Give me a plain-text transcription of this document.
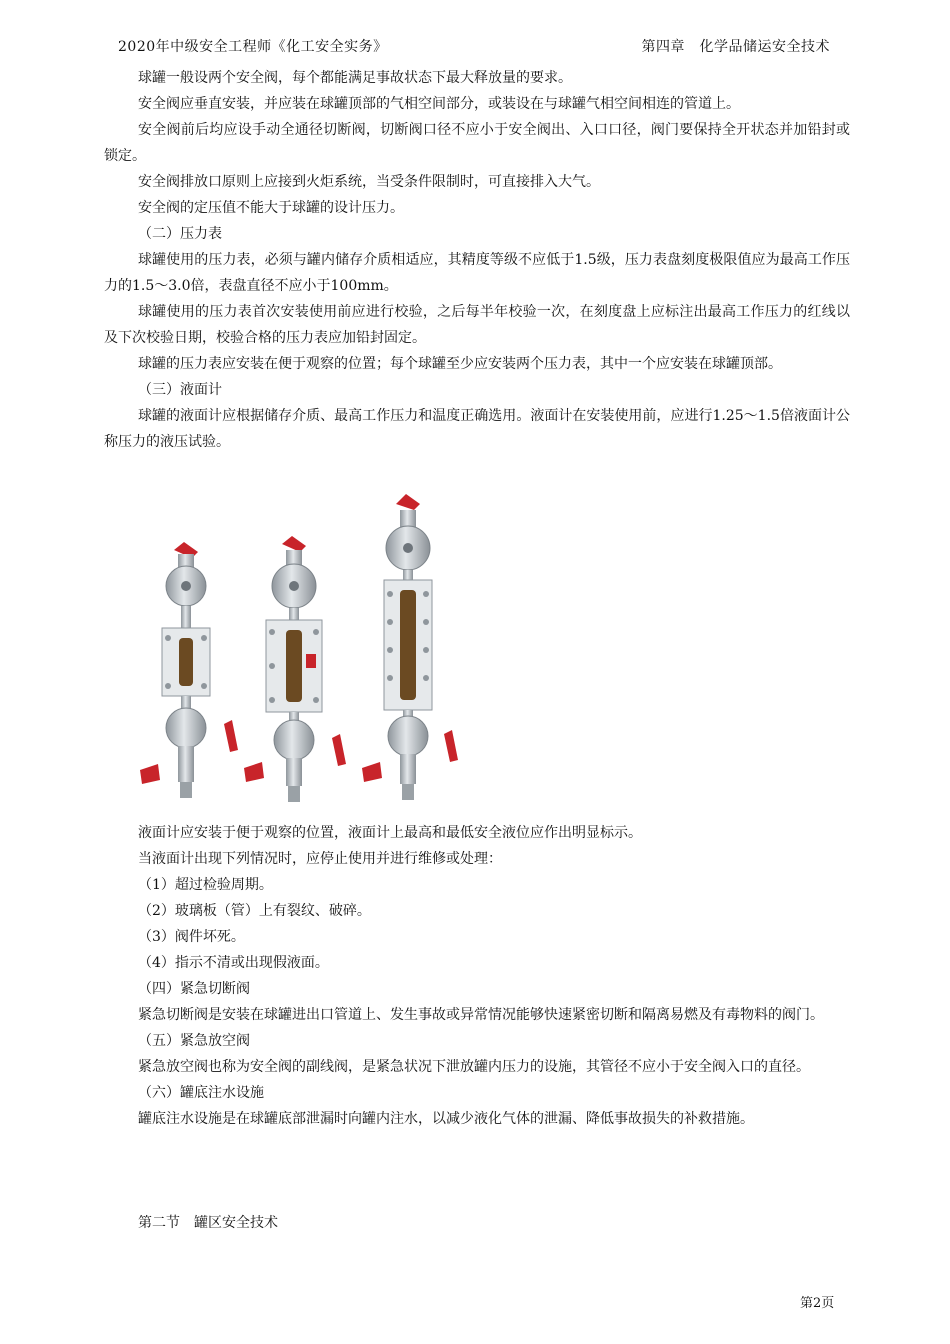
2020年中级安全工程师《化工安全实务》	第四章　化学品储运安全技术

球罐一般设两个安全阀，每个都能满足事故状态下最大释放量的要求。

安全阀应垂直安装，并应装在球罐顶部的气相空间部分，或装设在与球罐气相空间相连的管道上。

安全阀前后均应设手动全通径切断阀，切断阀口径不应小于安全阀出、入口口径，阀门要保持全开状态并加铅封或锁定。

安全阀排放口原则上应接到火炬系统，当受条件限制时，可直接排入大气。

安全阀的定压值不能大于球罐的设计压力。

（二）压力表

球罐使用的压力表，必须与罐内储存介质相适应，其精度等级不应低于1.5级，压力表盘刻度极限值应为最高工作压力的1.5～3.0倍，表盘直径不应小于100mm。

球罐使用的压力表首次安装使用前应进行校验，之后每半年校验一次，在刻度盘上应标注出最高工作压力的红线以及下次校验日期，校验合格的压力表应加铅封固定。

球罐的压力表应安装在便于观察的位置；每个球罐至少应安装两个压力表，其中一个应安装在球罐顶部。

（三）液面计

球罐的液面计应根据储存介质、最高工作压力和温度正确选用。液面计在安装使用前，应进行1.25～1.5倍液面计公称压力的液压试验。

液面计应安装于便于观察的位置，液面计上最高和最低安全液位应作出明显标示。

当液面计出现下列情况时，应停止使用并进行维修或处理：

（1）超过检验周期。

（2）玻璃板（管）上有裂纹、破碎。

（3）阀件坏死。

（4）指示不清或出现假液面。

（四）紧急切断阀

紧急切断阀是安装在球罐进出口管道上、发生事故或异常情况能够快速紧密切断和隔离易燃及有毒物料的阀门。

（五）紧急放空阀

紧急放空阀也称为安全阀的副线阀，是紧急状况下泄放罐内压力的设施，其管径不应小于安全阀入口的直径。

（六）罐底注水设施

罐底注水设施是在球罐底部泄漏时向罐内注水，以减少液化气体的泄漏、降低事故损失的补救措施。

第二节　罐区安全技术
第2页
